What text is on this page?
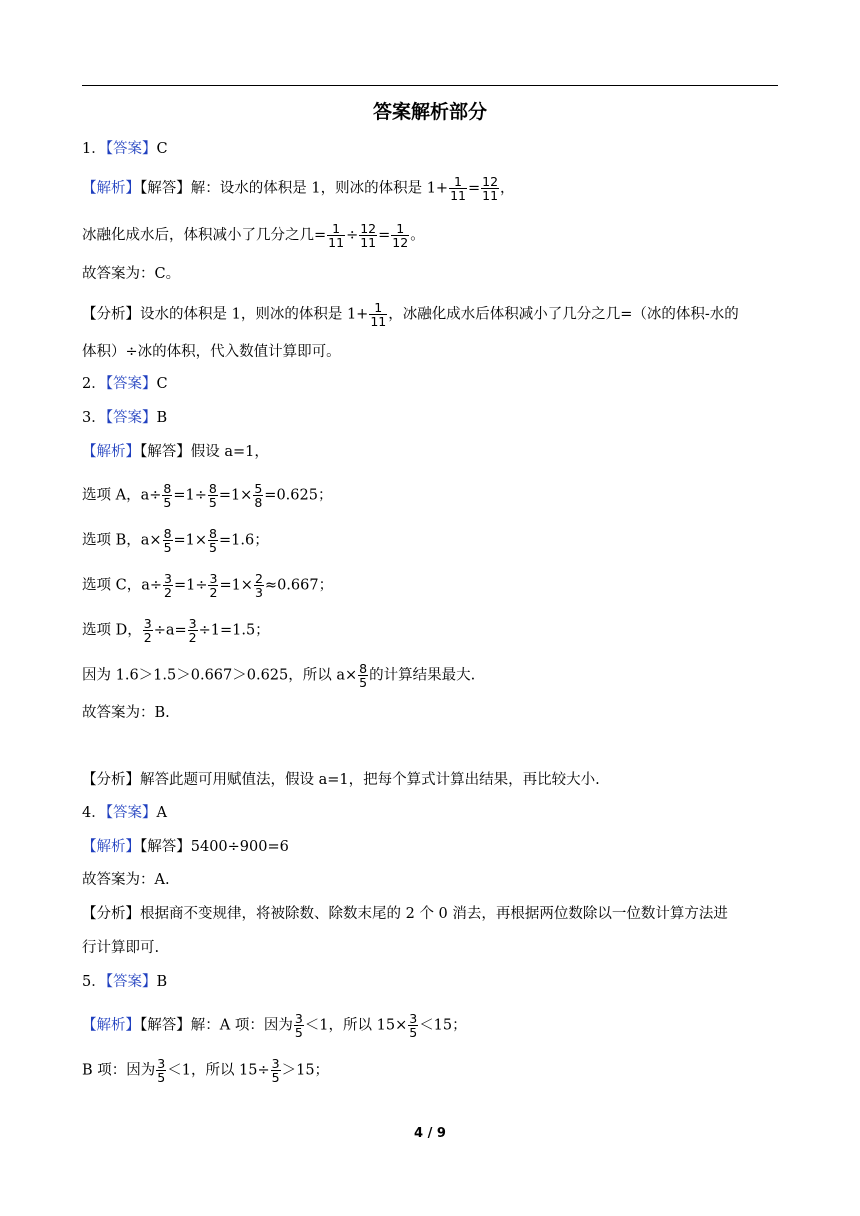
答案解析部分
1．【答案】C
【解析】【解答】解：设水的体积是 1，则冰的体积是 $1+ \frac{1}{11} = \frac{12}{11}$ ，
冰融化成水后，体积减小了几分之几= $\frac{1}{11} \div \frac{12}{11} = \frac{1}{12}$ 。
故答案为：C。
【分析】设水的体积是 1，则冰的体积是 $1+ \frac{1}{11}$ ，冰融化成水后体积减小了几分之几=（冰的体积-水的
体积）÷冰的体积，代入数值计算即可。
2．【答案】C
3．【答案】B
【解析】【解答】假设 a=1，
选项 A，$a\div \frac{8}{5} =1\div \frac{8}{5} =1\times \frac{5}{8} =0.625$；
选项 B，$a\times \frac{8}{5} =1\times \frac{8}{5} =1.6$；
选项 C，$a\div \frac{3}{2} =1\div \frac{3}{2} =1\times \frac{2}{3} \approx 0.667$；
选项 D， $\frac{3}{2} \div a= \frac{3}{2} \div 1=1.5$；
因为 1.6＞1.5＞0.667＞0.625，所以 $a\times \frac{8}{5}$ 的计算结果最大.
故答案为：B.
【分析】解答此题可用赋值法，假设 a=1，把每个算式计算出结果，再比较大小.
4．【答案】A
【解析】【解答】5400÷900=6
故答案为：A.
【分析】根据商不变规律，将被除数、除数末尾的 2 个 0 消去，再根据两位数除以一位数计算方法进
行计算即可.
5．【答案】B
【解析】【解答】解：A 项：因为 $\frac{3}{5} <1$，所以 $15\times \frac{3}{5} <15$；
B 项：因为 $\frac{3}{5} <1$，所以 $15\div \frac{3}{5} >15$；
4 / 9
